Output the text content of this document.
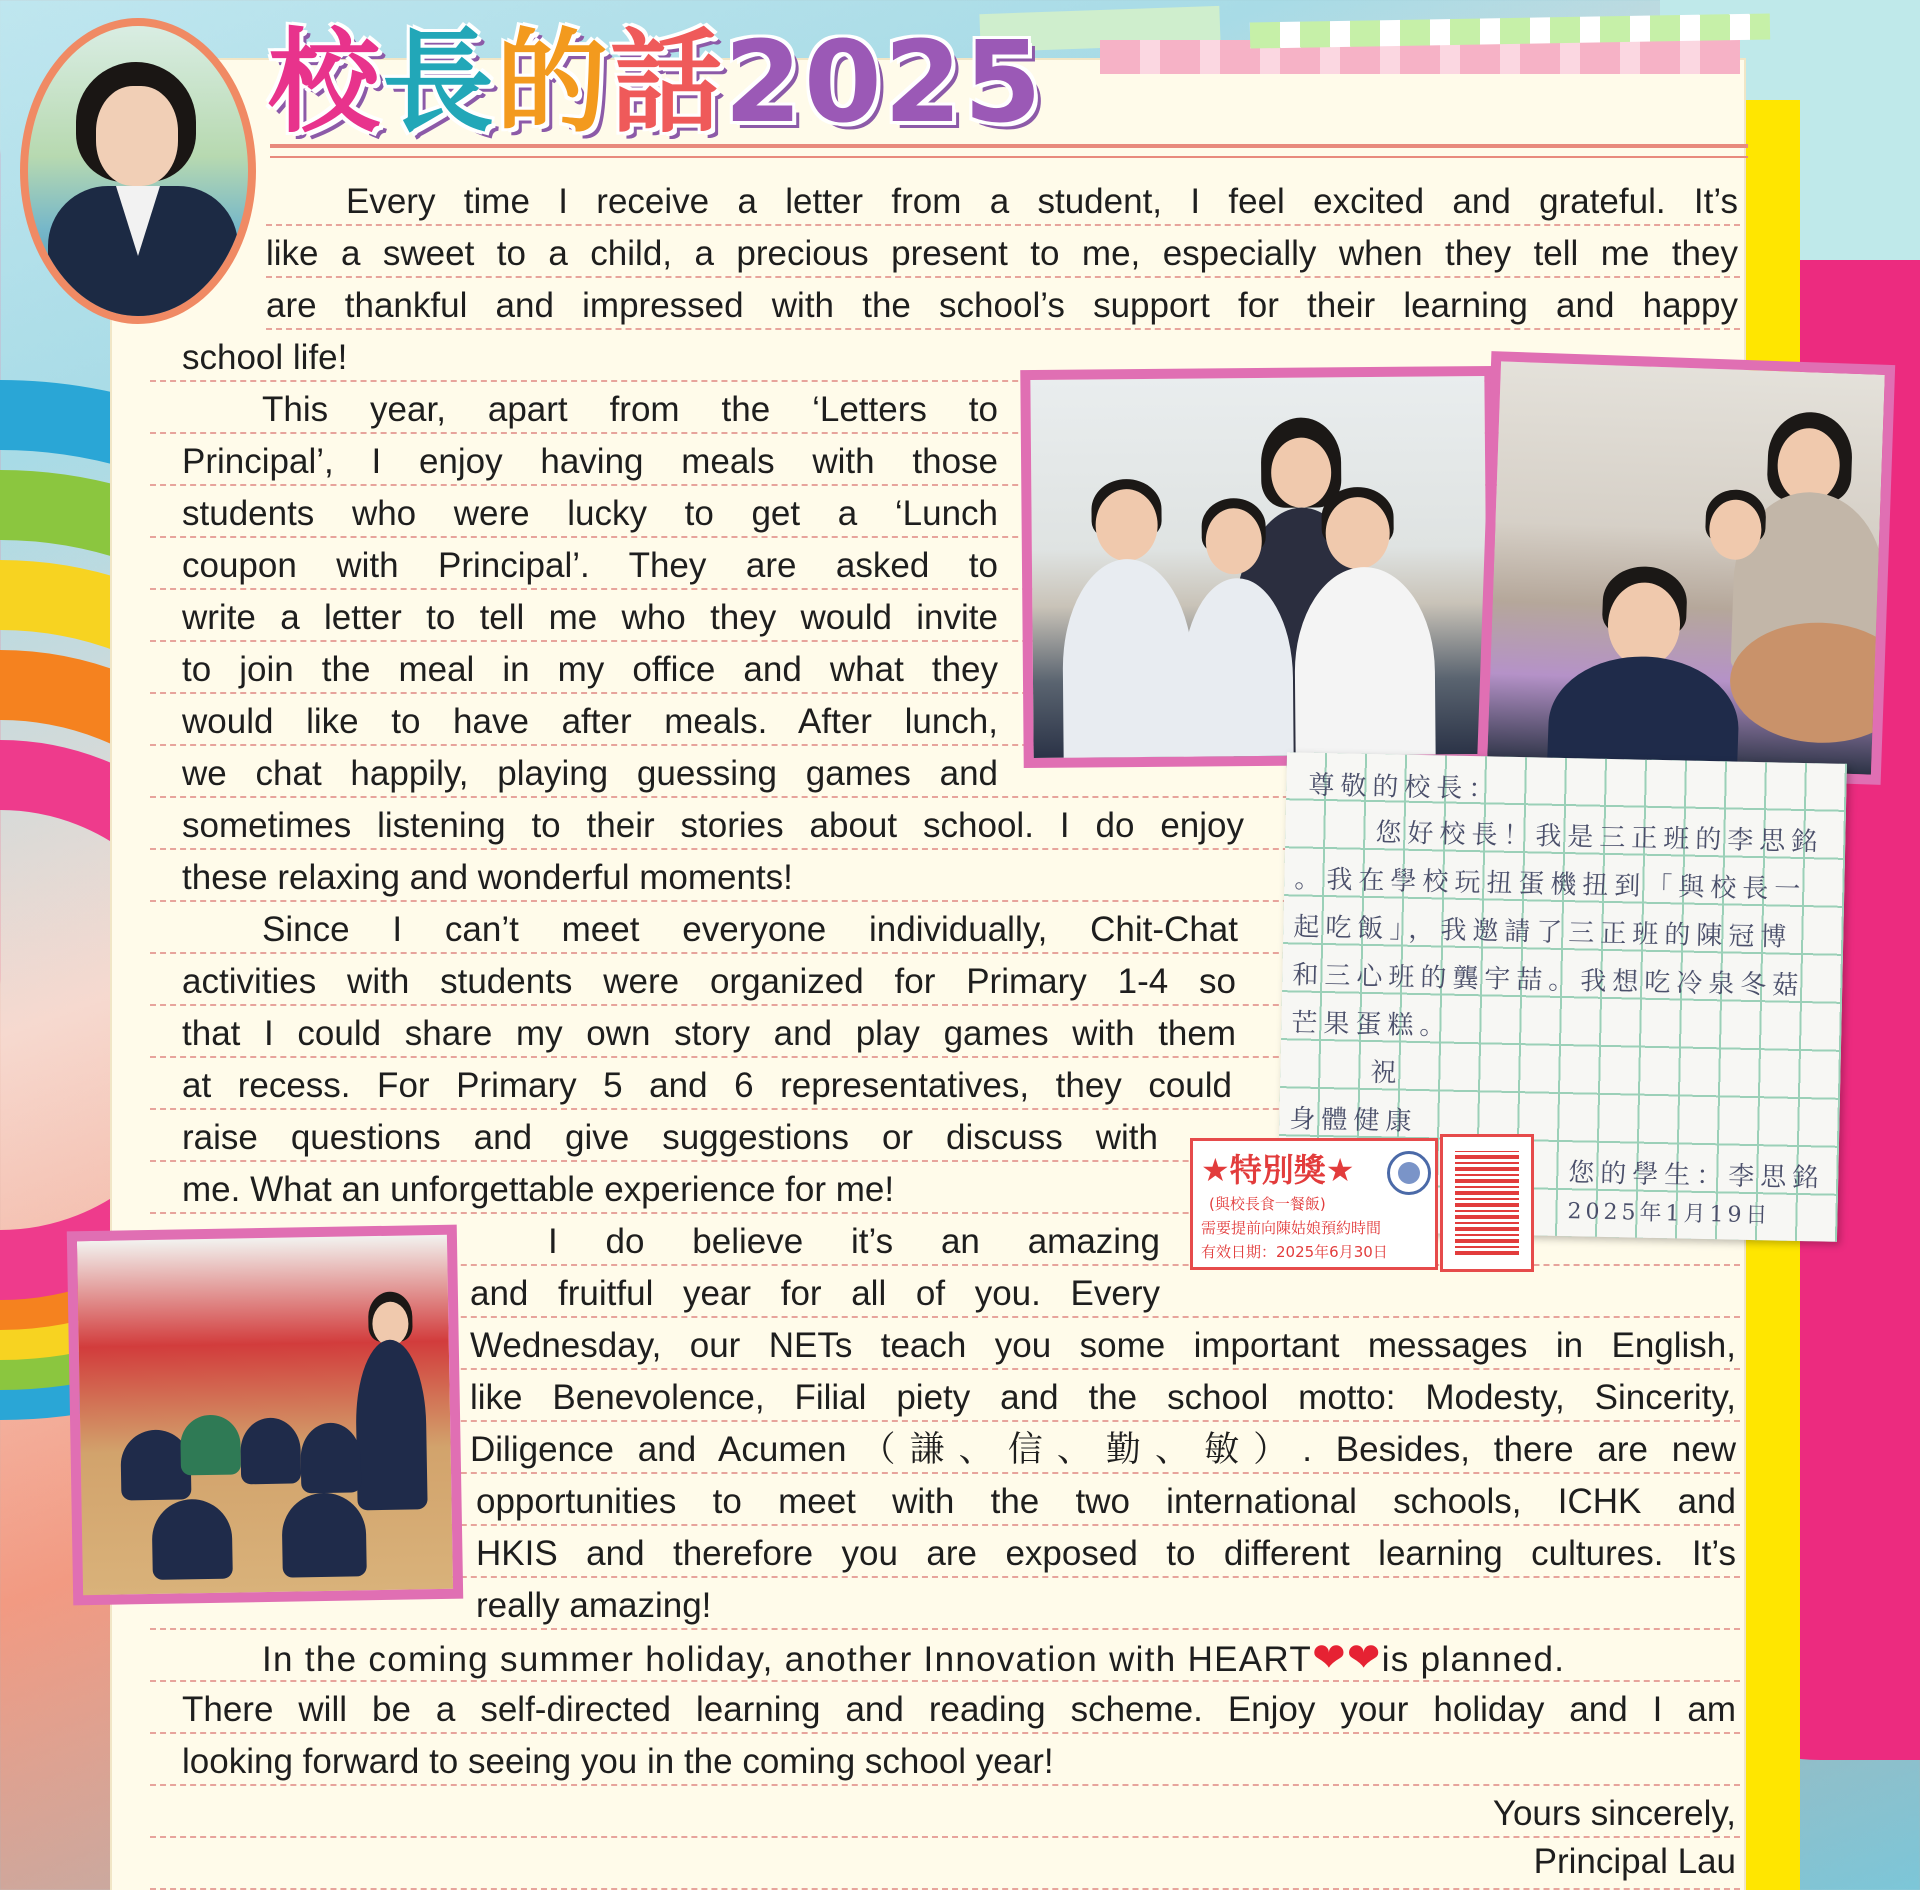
校長的話2025

尊敬的校長：

您好校長！我是三正班的李思銘

。我在學校玩扭蛋機扭到「與校長一

起吃飯」，我邀請了三正班的陳冠博

和三心班的龔宇喆。我想吃冷泉冬菇

芒果蛋糕。

祝

身體健康

您的學生：李思銘

2025年1月19日

★特別獎★

(與校長食一餐飯)

需要提前向陳姑娘預約時間

有效日期：2025年6月30日

Every time I receive a letter from a student, I feel excited and grateful. It’s

like a sweet to a child, a precious present to me, especially when they tell me they

are thankful and impressed with the school’s support for their learning and happy

school life!

This year, apart from the ‘Letters to

Principal’, I enjoy having meals with those

students who were lucky to get a ‘Lunch

coupon with Principal’. They are asked to

write a letter to tell me who they would invite

to join the meal in my office and what they

would like to have after meals. After lunch,

we chat happily, playing guessing games and

sometimes listening to their stories about school. I do enjoy

these relaxing and wonderful moments!

Since I can’t meet everyone individually, Chit-Chat

activities with students were organized for Primary 1-4 so

that I could share my own story and play games with them

at recess. For Primary 5 and 6 representatives, they could

raise questions and give suggestions or discuss with

me. What an unforgettable experience for me!

I do believe it’s an amazing

and fruitful year for all of you. Every

Wednesday, our NETs teach you some important messages in English,

like Benevolence, Filial piety and the school motto: Modesty, Sincerity,

Diligence and Acumen（謙、信、勤、敏）. Besides, there are new

opportunities to meet with the two international schools, ICHK and

HKIS and therefore you are exposed to different learning cultures. It’s

really amazing!

In the coming summer holiday, another Innovation with HEART❤❤is planned.

There will be a self-directed learning and reading scheme. Enjoy your holiday and I am

looking forward to seeing you in the coming school year!

Yours sincerely,

Principal Lau
